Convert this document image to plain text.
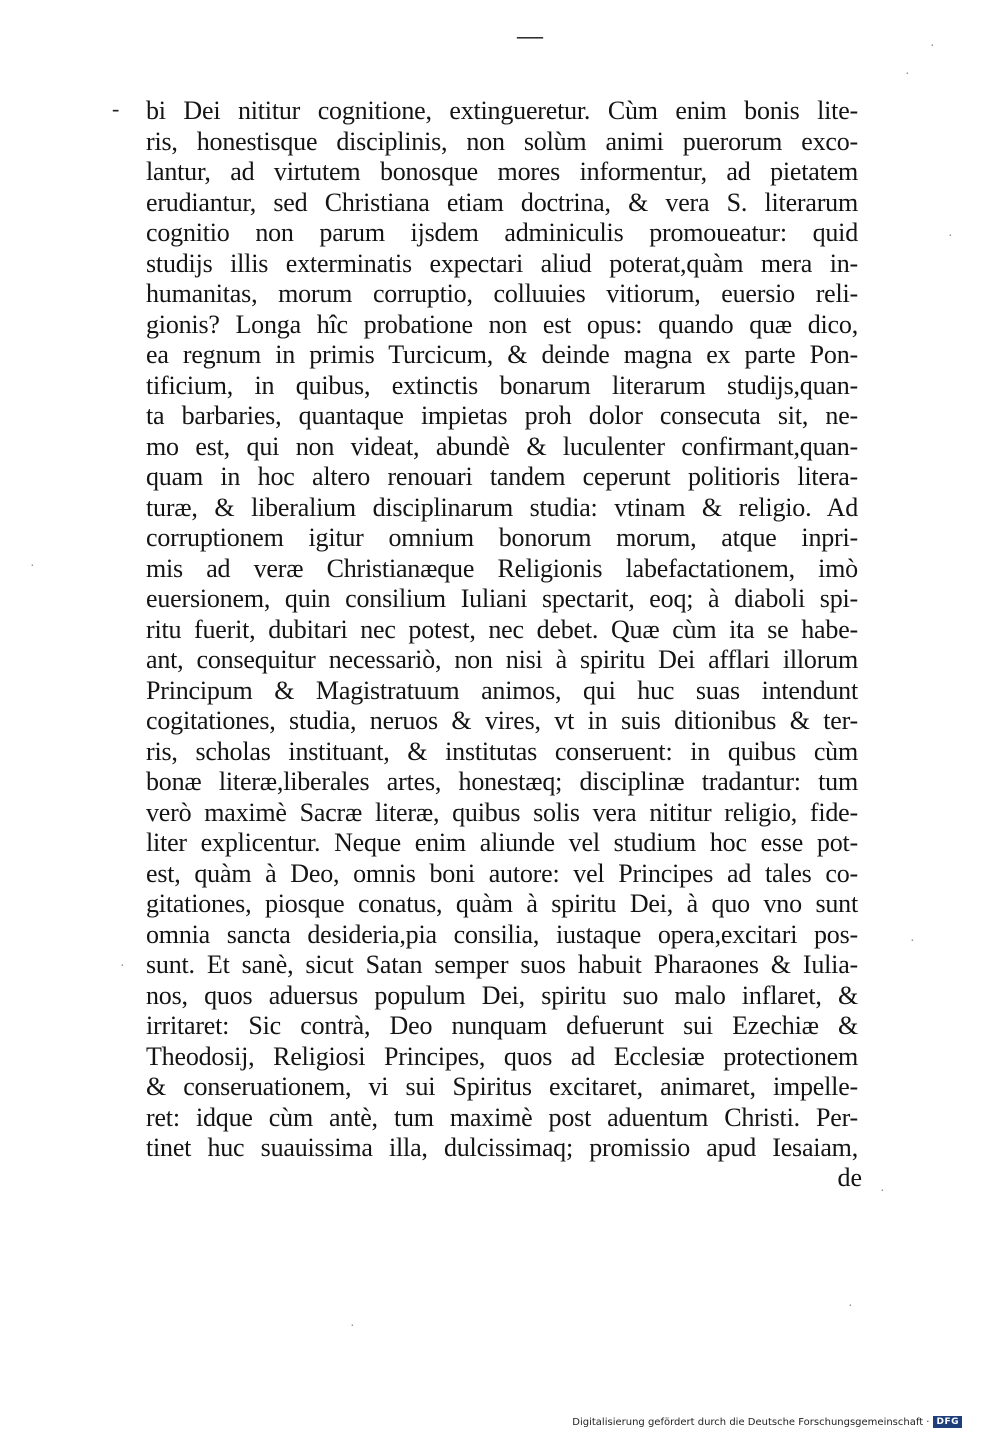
—
- bi Dei nititur cognitione, extingueretur. Cùm enim bonis lite-
ris, honestisque disciplinis, non solùm animi puerorum exco-
lantur, ad virtutem bonosque mores informentur, ad pietatem
erudiantur, sed Christiana etiam doctrina, & vera S. literarum
cognitio non parum ijsdem adminiculis promoueatur: quid
studijs illis exterminatis expectari aliud poterat,quàm mera in-
humanitas, morum corruptio, colluuies vitiorum, euersio reli-
gionis? Longa hîc probatione non est opus: quando quæ dico,
ea regnum in primis Turcicum, & deinde magna ex parte Pon-
tificium, in quibus, extinctis bonarum literarum studijs,quan-
ta barbaries, quantaque impietas proh dolor consecuta sit, ne-
mo est, qui non videat, abundè & luculenter confirmant,quan-
quam in hoc altero renouari tandem ceperunt politioris litera-
turæ, & liberalium disciplinarum studia: vtinam & religio. Ad
corruptionem igitur omnium bonorum morum, atque inpri-
mis ad veræ Christianæque Religionis labefactationem, imò
euersionem, quin consilium Iuliani spectarit, eoq; à diaboli spi-
ritu fuerit, dubitari nec potest, nec debet. Quæ cùm ita se habe-
ant, consequitur necessariò, non nisi à spiritu Dei afflari illorum
Principum & Magistratuum animos, qui huc suas intendunt
cogitationes, studia, neruos & vires, vt in suis ditionibus & ter-
ris, scholas instituant, & institutas conseruent: in quibus cùm
bonæ literæ,liberales artes, honestæq; disciplinæ tradantur: tum
verò maximè Sacræ literæ, quibus solis vera nititur religio, fide-
liter explicentur. Neque enim aliunde vel studium hoc esse pot-
est, quàm à Deo, omnis boni autore: vel Principes ad tales co-
gitationes, piosque conatus, quàm à spiritu Dei, à quo vno sunt
omnia sancta desideria,pia consilia, iustaque opera,excitari pos-
sunt. Et sanè, sicut Satan semper suos habuit Pharaones & Iulia-
nos, quos aduersus populum Dei, spiritu suo malo inflaret, &
irritaret: Sic contrà, Deo nunquam defuerunt sui Ezechiæ &
Theodosij, Religiosi Principes, quos ad Ecclesiæ protectionem
& conseruationem, vi sui Spiritus excitaret, animaret, impelle-
ret: idque cùm antè, tum maximè post aduentum Christi. Per-
tinet huc suauissima illa, dulcissimaq; promissio apud Iesaiam,
de
·
·
·
·
·
·
·
·
·
Digitalisierung gefördert durch die Deutsche Forschungsgemeinschaft · DFG
